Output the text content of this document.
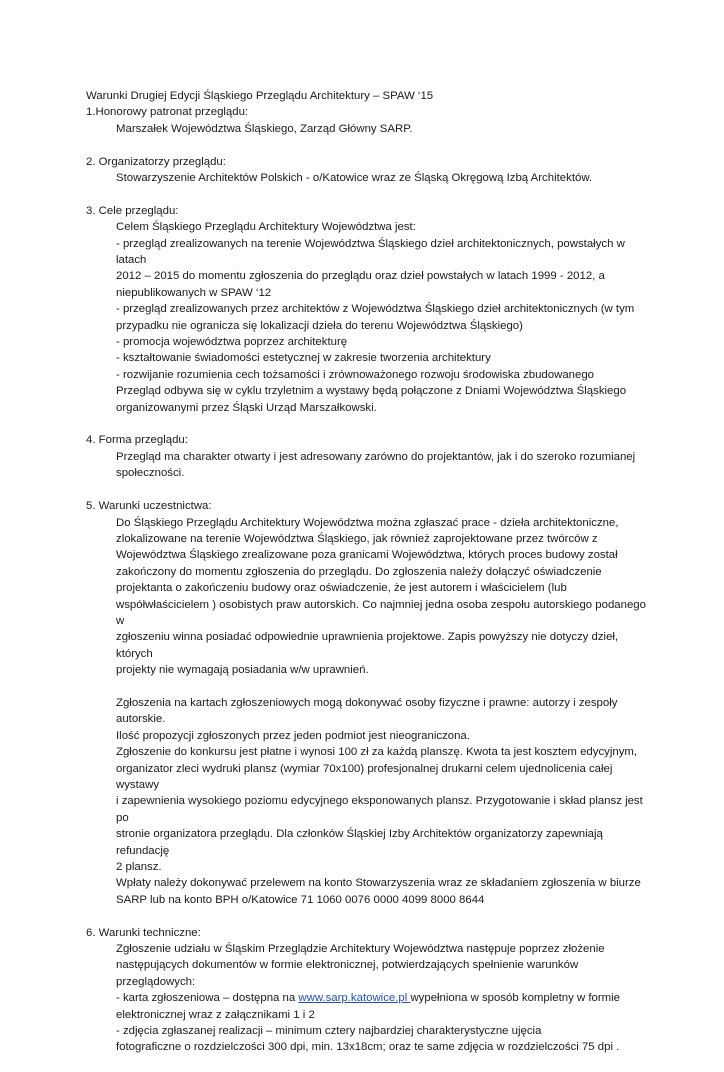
Warunki Drugiej Edycji Śląskiego Przeglądu Architektury – SPAW ‘15

1.Honorowy patronat przeglądu:

Marszałek Województwa Śląskiego, Zarząd Główny SARP.

2. Organizatorzy przeglądu:

Stowarzyszenie Architektów Polskich - o/Katowice wraz ze Śląską Okręgową Izbą Architektów.

3. Cele przeglądu:

Celem Śląskiego Przeglądu Architektury Województwa jest:

- przegląd zrealizowanych na terenie Województwa Śląskiego dzieł architektonicznych, powstałych w latach

2012 – 2015 do momentu zgłoszenia do przeglądu oraz dzieł powstałych w latach 1999 - 2012, a

niepublikowanych w SPAW ‘12

- przegląd zrealizowanych przez architektów z Województwa Śląskiego dzieł architektonicznych (w tym

przypadku nie ogranicza się lokalizacji dzieła do terenu Województwa Śląskiego)

- promocja województwa poprzez architekturę

- kształtowanie świadomości estetycznej w zakresie tworzenia architektury

- rozwijanie rozumienia cech tożsamości i zrównoważonego rozwoju środowiska zbudowanego

Przegląd odbywa się w cyklu trzyletnim a wystawy będą połączone z Dniami Województwa Śląskiego

organizowanymi przez Śląski Urząd Marszałkowski.

4. Forma przeglądu:

Przegląd ma charakter otwarty i jest adresowany zarówno do projektantów, jak i do szeroko rozumianej

społeczności.

5. Warunki uczestnictwa:

Do Śląskiego Przeglądu Architektury Województwa można zgłaszać prace - dzieła architektoniczne,

zlokalizowane na terenie Województwa Śląskiego, jak również zaprojektowane przez twórców z

Województwa Śląskiego zrealizowane poza granicami Województwa, których proces budowy został

zakończony do momentu zgłoszenia do przeglądu. Do zgłoszenia należy dołączyć oświadczenie

projektanta o zakończeniu budowy oraz oświadczenie, że jest autorem i właścicielem (lub

współwłaścicielem ) osobistych praw autorskich. Co najmniej jedna osoba zespołu autorskiego podanego w

zgłoszeniu winna posiadać odpowiednie uprawnienia projektowe. Zapis powyższy nie dotyczy dzieł, których

projekty nie wymagają posiadania w/w uprawnień.

Zgłoszenia na kartach zgłoszeniowych mogą dokonywać osoby fizyczne i prawne: autorzy i zespoły

autorskie.

Ilość propozycji zgłoszonych przez jeden podmiot jest nieograniczona.

Zgłoszenie do konkursu jest płatne i wynosi 100 zł za każdą planszę. Kwota ta jest kosztem edycyjnym,

organizator zleci wydruki plansz (wymiar 70x100) profesjonalnej drukarni celem ujednolicenia całej wystawy

i zapewnienia wysokiego poziomu edycyjnego eksponowanych plansz. Przygotowanie i skład plansz jest po

stronie organizatora przeglądu. Dla członków Śląskiej Izby Architektów organizatorzy zapewniają refundację

2 plansz.

Wpłaty należy dokonywać przelewem na konto Stowarzyszenia wraz ze składaniem zgłoszenia w biurze

SARP lub na konto BPH o/Katowice 71 1060 0076 0000 4099 8000 8644

6. Warunki techniczne:

Zgłoszenie udziału w Śląskim Przeglądzie Architektury Województwa następuje poprzez złożenie

następujących dokumentów w formie elektronicznej, potwierdzających spełnienie warunków przeglądowych:

- karta zgłoszeniowa – dostępna na www.sarp.katowice.pl wypełniona w sposób kompletny w formie

elektronicznej wraz z załącznikami 1 i 2

- zdjęcia zgłaszanej realizacji – minimum cztery najbardziej charakterystyczne ujęcia

fotograficzne o rozdzielczości 300 dpi, min. 13x18cm; oraz te same zdjęcia w rozdzielczości 75 dpi .
